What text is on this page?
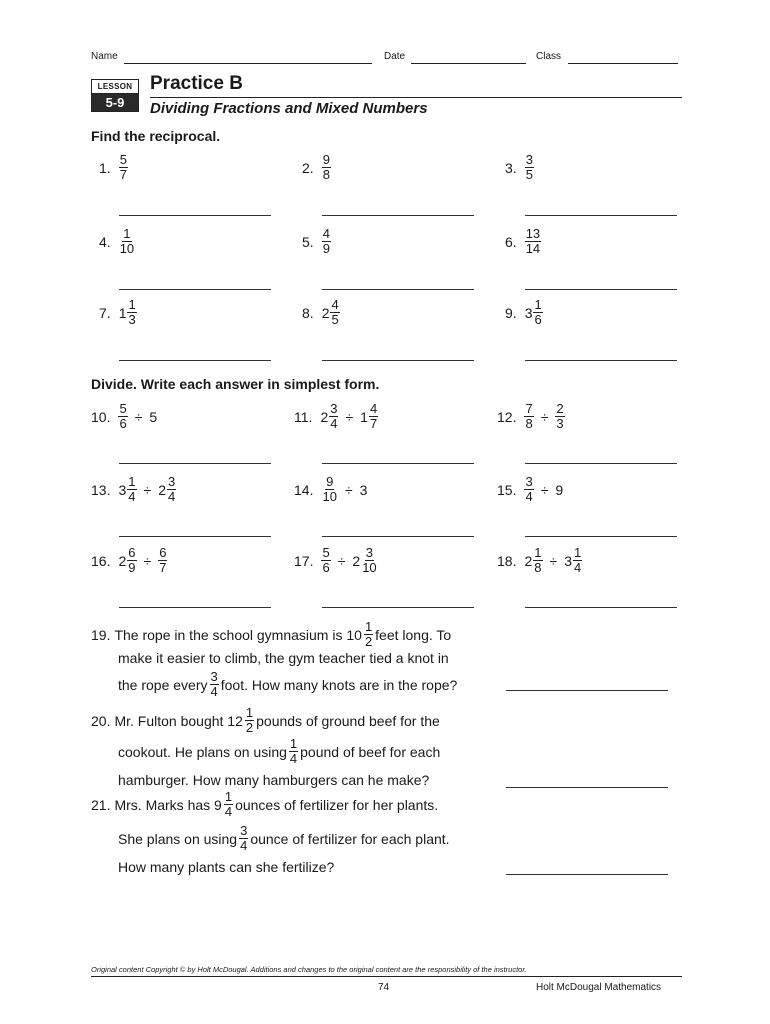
Name	Date	Class
LESSON
5-9
Practice B
Dividing Fractions and Mixed Numbers
Find the reciprocal.
1. $\frac{5}{7}$	2. $\frac{9}{8}$	3. $\frac{3}{5}$
4. $\frac{1}{10}$	5. $\frac{4}{9}$	6. $\frac{13}{14}$
7. $1 \frac{1}{3}$	8. $2 \frac{4}{5}$	9. $3 \frac{1}{6}$
Divide. Write each answer in simplest form.
10. $\frac{5}{6} \div 5$	11. $2 \frac{3}{4} \div 1 \frac{4}{7}$	12. $\frac{7}{8} \div \frac{2}{3}$
13. $3 \frac{1}{4} \div 2 \frac{3}{4}$	14. $\frac{9}{10} \div 3$	15. $\frac{3}{4} \div 9$
16. $2 \frac{6}{9} \div \frac{6}{7}$	17. $\frac{5}{6} \div 2 \frac{3}{10}$	18. $2 \frac{1}{8} \div 3 \frac{1}{4}$
19. The rope in the school gymnasium is $10 \frac{1}{2}$ feet long. To
make it easier to climb, the gym teacher tied a knot in
the rope every $\frac{3}{4}$ foot. How many knots are in the rope?
20. Mr. Fulton bought $12 \frac{1}{2}$ pounds of ground beef for the
cookout. He plans on using $\frac{1}{4}$ pound of beef for each
hamburger. How many hamburgers can he make?
21. Mrs. Marks has $9 \frac{1}{4}$ ounces of fertilizer for her plants.
She plans on using $\frac{3}{4}$ ounce of fertilizer for each plant.
How many plants can she fertilize?
Original content Copyright © by Holt McDougal. Additions and changes to the original content are the responsibility of the instructor.
74	Holt McDougal Mathematics
